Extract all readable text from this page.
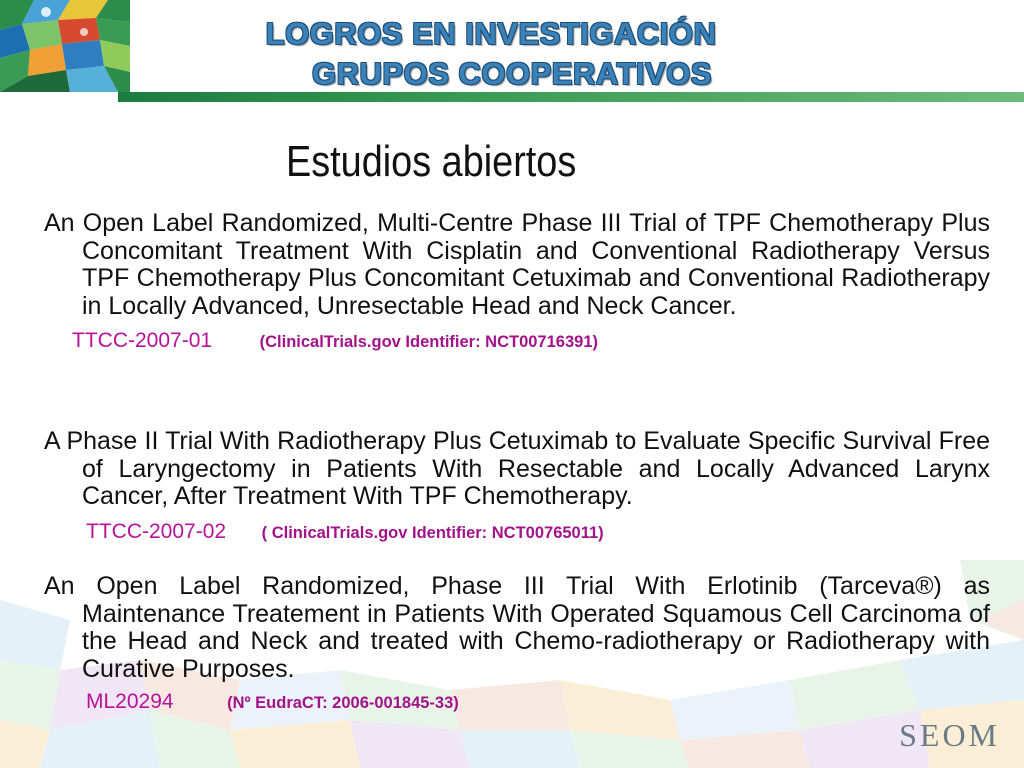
LOGROS EN INVESTIGACIÓN
GRUPOS COOPERATIVOS
Estudios abiertos

An Open Label Randomized, Multi-Centre Phase III Trial of TPF Chemotherapy Plus Concomitant Treatment With Cisplatin and Conventional Radiotherapy Versus TPF Chemotherapy Plus Concomitant Cetuximab and Conventional Radiotherapy in Locally Advanced, Unresectable Head and Neck Cancer.

TTCC-2007-01	(ClinicalTrials.gov Identifier: NCT00716391)

A Phase II Trial With Radiotherapy Plus Cetuximab to Evaluate Specific Survival Free of Laryngectomy in Patients With Resectable and Locally Advanced Larynx Cancer, After Treatment With TPF Chemotherapy.

TTCC-2007-02 ( ClinicalTrials.gov Identifier: NCT00765011)

An Open Label Randomized, Phase III Trial With Erlotinib (Tarceva®) as Maintenance Treatement in Patients With Operated Squamous Cell Carcinoma of the Head and Neck and treated with Chemo-radiotherapy or Radiotherapy with Curative Purposes.

ML20294	(Nº EudraCT: 2006-001845-33)

SEOM
